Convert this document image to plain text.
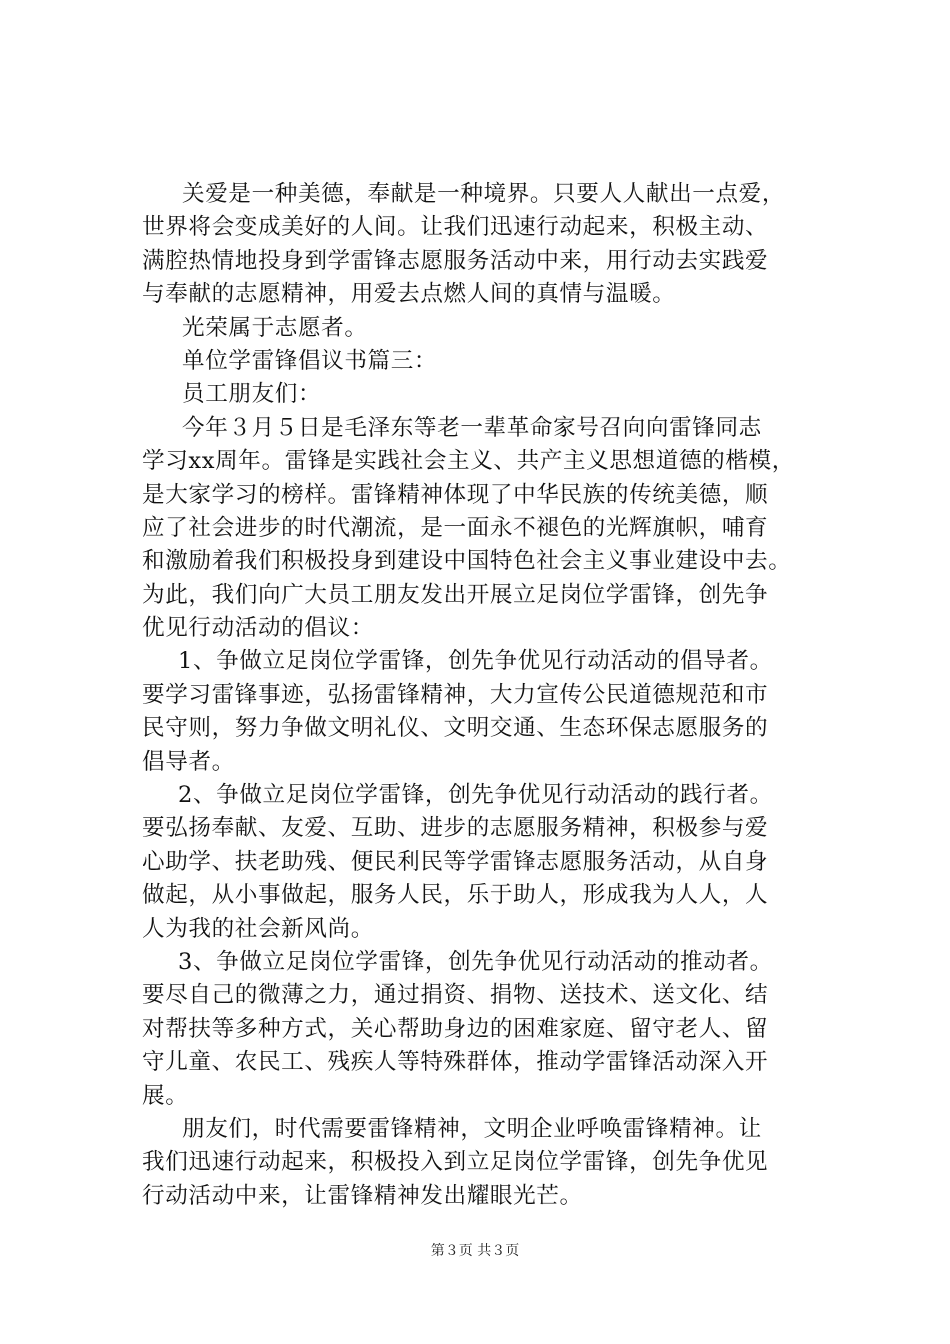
关爱是一种美德，奉献是一种境界。只要人人献出一点爱，
世界将会变成美好的人间。让我们迅速行动起来，积极主动、
满腔热情地投身到学雷锋志愿服务活动中来，用行动去实践爱
与奉献的志愿精神，用爱去点燃人间的真情与温暖。
光荣属于志愿者。
单位学雷锋倡议书篇三：
员工朋友们：
今年３月５日是毛泽东等老一辈革命家号召向向雷锋同志
学习xx周年。雷锋是实践社会主义、共产主义思想道德的楷模，
是大家学习的榜样。雷锋精神体现了中华民族的传统美德，顺
应了社会进步的时代潮流，是一面永不褪色的光辉旗帜，哺育
和激励着我们积极投身到建设中国特色社会主义事业建设中去。
为此，我们向广大员工朋友发出开展立足岗位学雷锋，创先争
优见行动活动的倡议：
1、争做立足岗位学雷锋，创先争优见行动活动的倡导者。
要学习雷锋事迹，弘扬雷锋精神，大力宣传公民道德规范和市
民守则，努力争做文明礼仪、文明交通、生态环保志愿服务的
倡导者。
2、争做立足岗位学雷锋，创先争优见行动活动的践行者。
要弘扬奉献、友爱、互助、进步的志愿服务精神，积极参与爱
心助学、扶老助残、便民利民等学雷锋志愿服务活动，从自身
做起，从小事做起，服务人民，乐于助人，形成我为人人，人
人为我的社会新风尚。
3、争做立足岗位学雷锋，创先争优见行动活动的推动者。
要尽自己的微薄之力，通过捐资、捐物、送技术、送文化、结
对帮扶等多种方式，关心帮助身边的困难家庭、留守老人、留
守儿童、农民工、残疾人等特殊群体，推动学雷锋活动深入开
展。
朋友们，时代需要雷锋精神，文明企业呼唤雷锋精神。让
我们迅速行动起来，积极投入到立足岗位学雷锋，创先争优见
行动活动中来，让雷锋精神发出耀眼光芒。
第３页 共３页
